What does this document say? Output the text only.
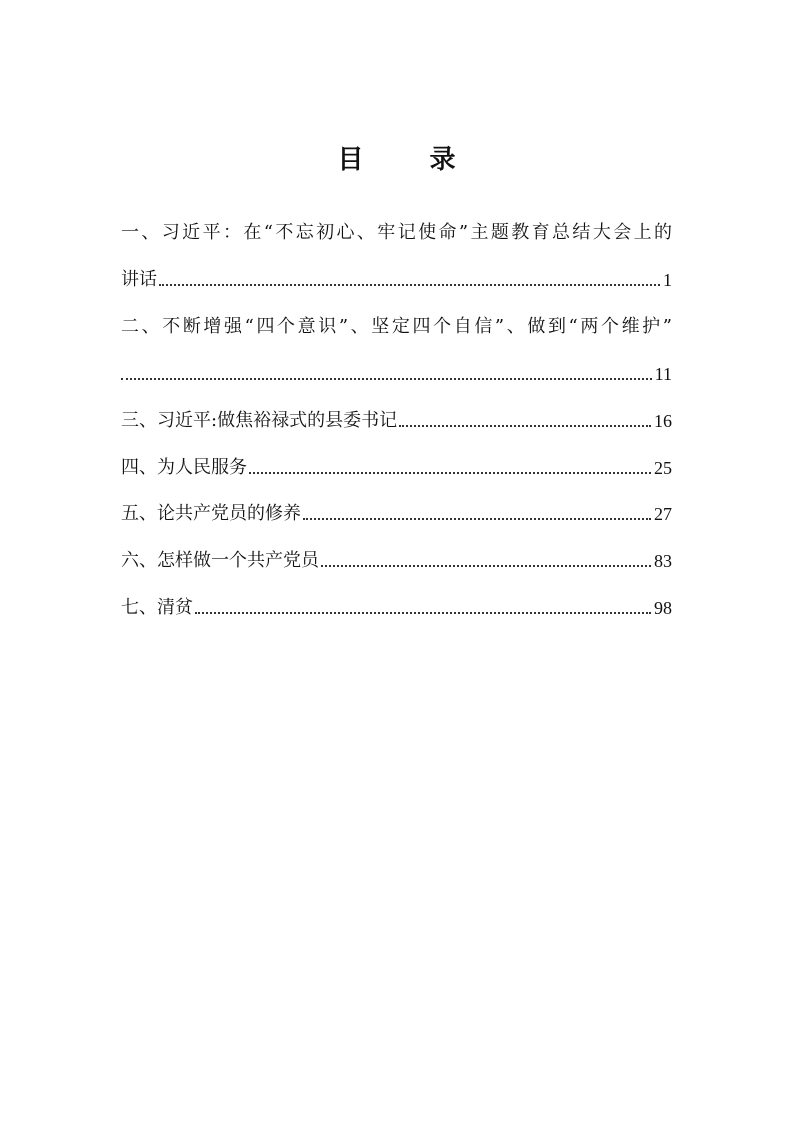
目　录
一、习近平：在“不忘初心、牢记使命”主题教育总结大会上的
讲话	1
二、不断增强“四个意识”、坚定四个自信”、做到“两个维护”
11
三、习近平:做焦裕禄式的县委书记	16
四、为人民服务	25
五、论共产党员的修养	27
六、怎样做一个共产党员	83
七、清贫	98
